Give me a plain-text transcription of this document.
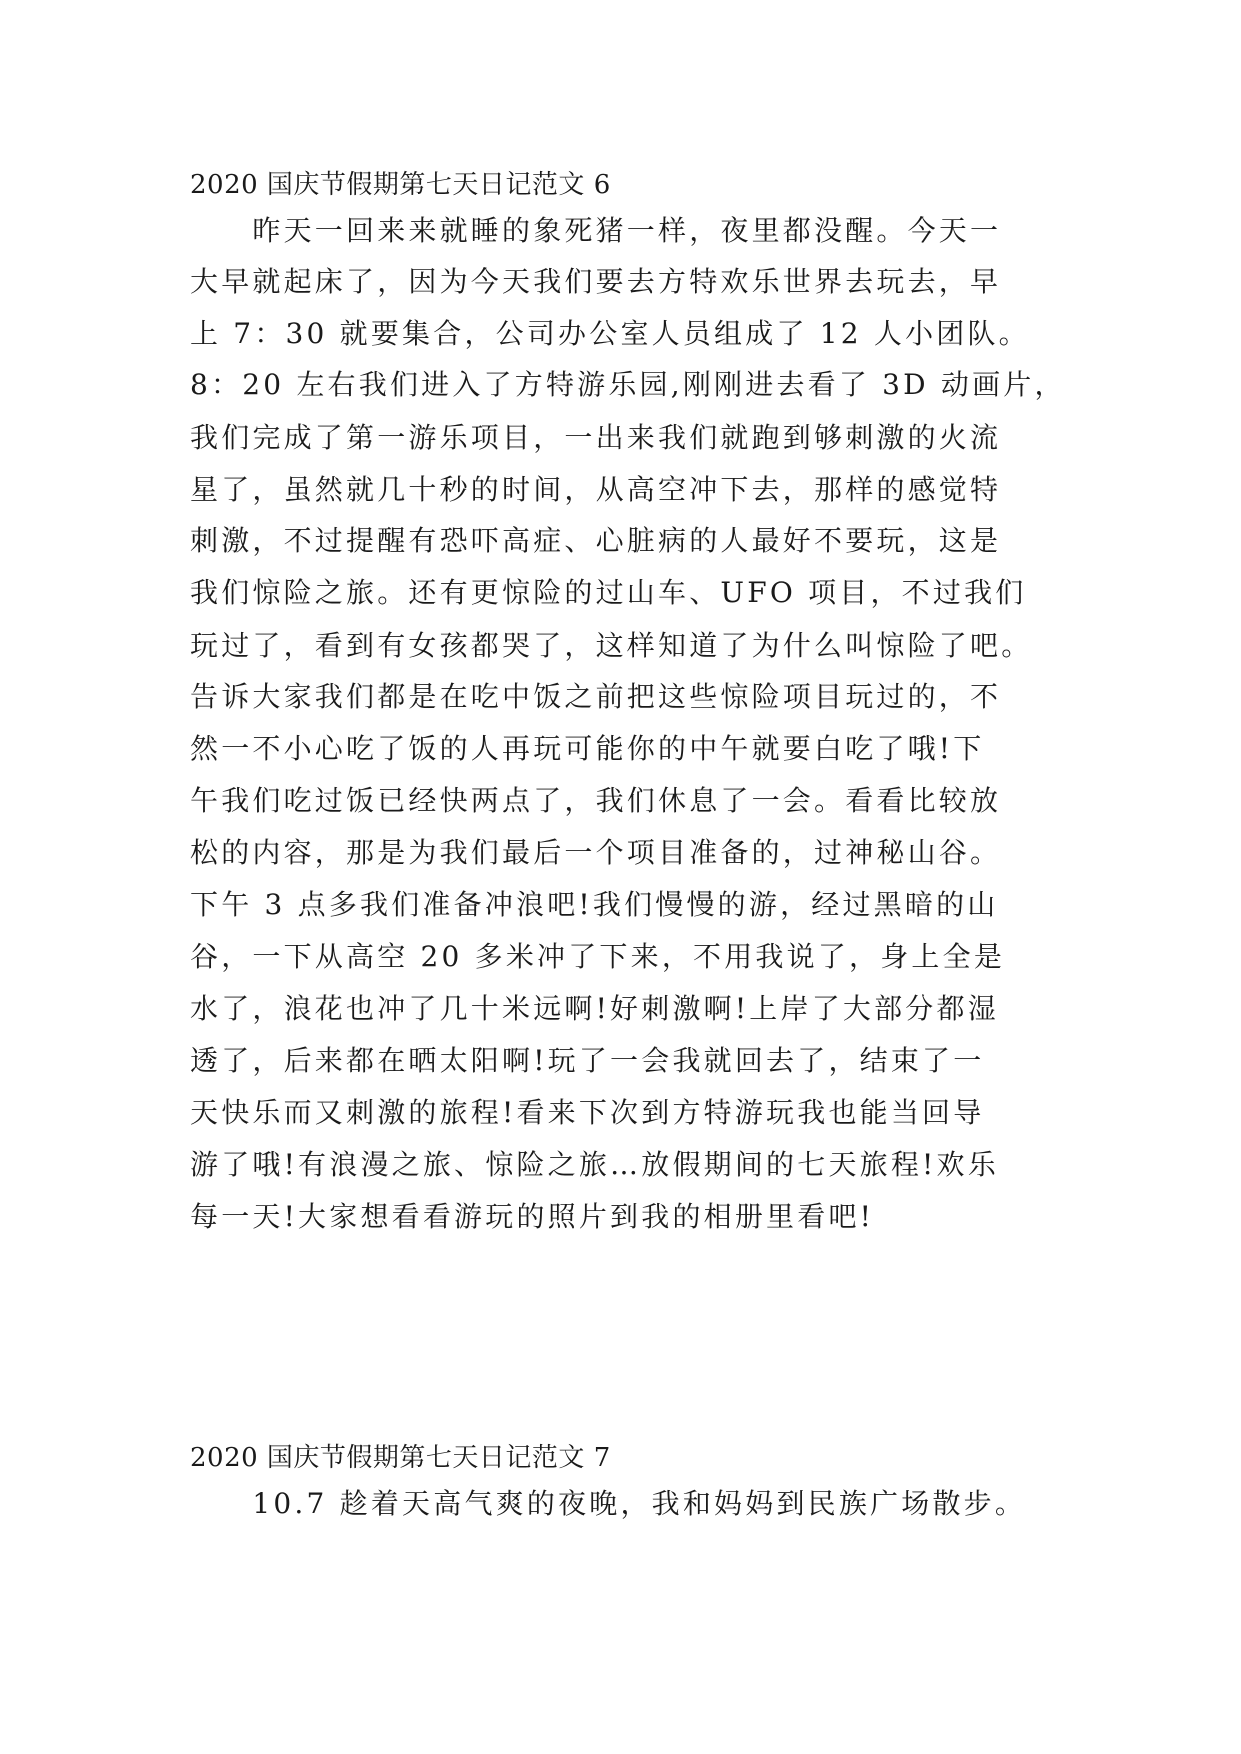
2020 国庆节假期第七天日记范文 6
　　昨天一回来来就睡的象死猪一样，夜里都没醒。今天一
大早就起床了，因为今天我们要去方特欢乐世界去玩去，早
上 7：30 就要集合，公司办公室人员组成了 12 人小团队。
8：20 左右我们进入了方特游乐园,刚刚进去看了 3D 动画片，
我们完成了第一游乐项目，一出来我们就跑到够刺激的火流
星了，虽然就几十秒的时间，从高空冲下去，那样的感觉特
刺激，不过提醒有恐吓高症、心脏病的人最好不要玩，这是
我们惊险之旅。还有更惊险的过山车、UFO 项目，不过我们
玩过了，看到有女孩都哭了，这样知道了为什么叫惊险了吧。
告诉大家我们都是在吃中饭之前把这些惊险项目玩过的，不
然一不小心吃了饭的人再玩可能你的中午就要白吃了哦!下
午我们吃过饭已经快两点了，我们休息了一会。看看比较放
松的内容，那是为我们最后一个项目准备的，过神秘山谷。
下午 3 点多我们准备冲浪吧!我们慢慢的游，经过黑暗的山
谷，一下从高空 20 多米冲了下来，不用我说了，身上全是
水了，浪花也冲了几十米远啊!好刺激啊!上岸了大部分都湿
透了，后来都在晒太阳啊!玩了一会我就回去了，结束了一
天快乐而又刺激的旅程!看来下次到方特游玩我也能当回导
游了哦!有浪漫之旅、惊险之旅…放假期间的七天旅程!欢乐
每一天!大家想看看游玩的照片到我的相册里看吧!
2020 国庆节假期第七天日记范文 7
　　10.7 趁着天高气爽的夜晚，我和妈妈到民族广场散步。
